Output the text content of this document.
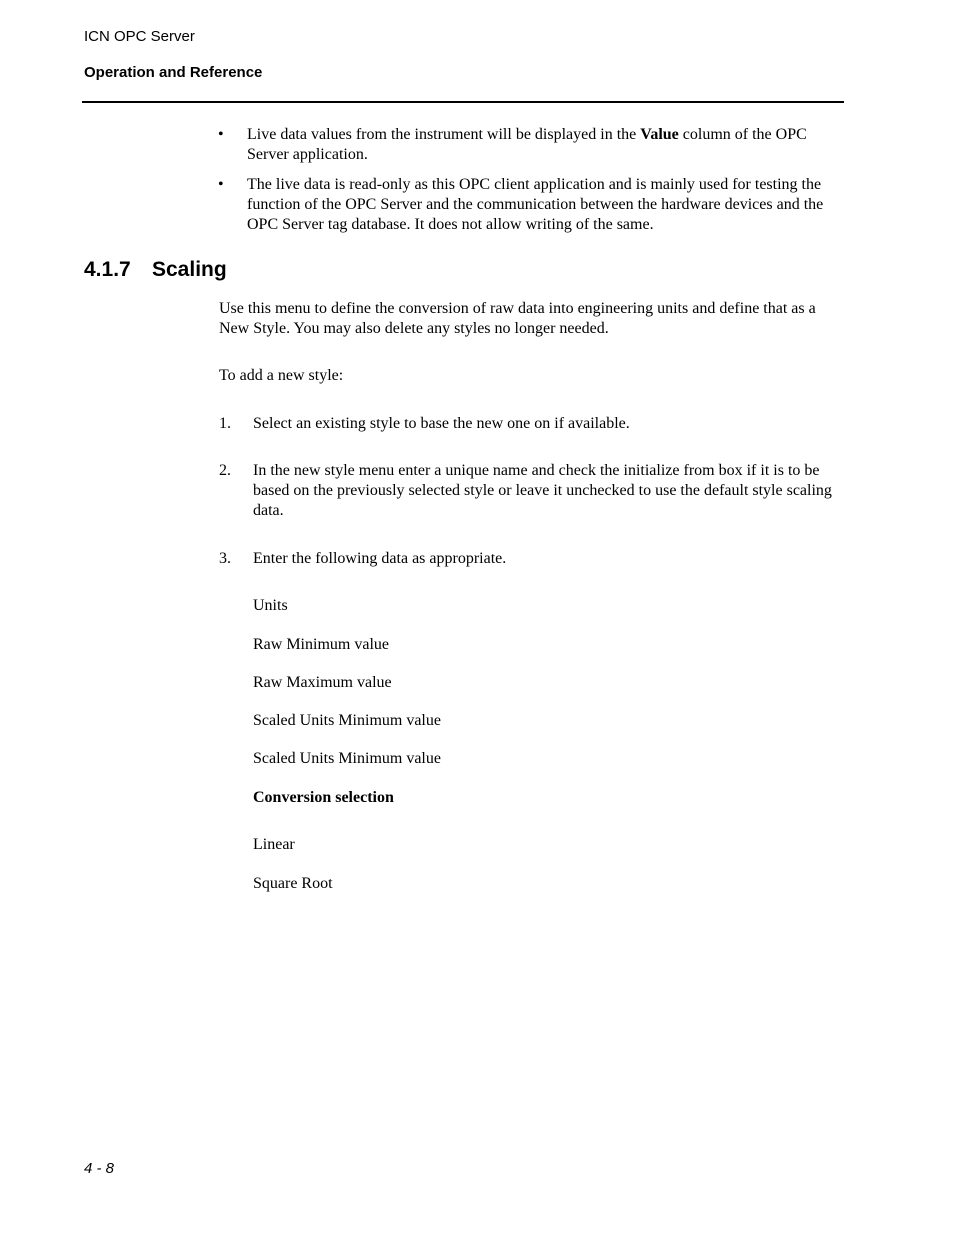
ICN OPC Server
Operation and Reference
• Live data values from the instrument will be displayed in the Value column of the OPC Server application.
• The live data is read-only as this OPC client application and is mainly used for testing the function of the OPC Server and the communication between the hardware devices and the OPC Server tag database. It does not allow writing of the same.
4.1.7 Scaling
Use this menu to define the conversion of raw data into engineering units and define that as a New Style. You may also delete any styles no longer needed.
To add a new style:
1. Select an existing style to base the new one on if available.
2. In the new style menu enter a unique name and check the initialize from box if it is to be based on the previously selected style or leave it unchecked to use the default style scaling data.
3. Enter the following data as appropriate.
Units
Raw Minimum value
Raw Maximum value
Scaled Units Minimum value
Scaled Units Minimum value
Conversion selection
Linear
Square Root
4 - 8
